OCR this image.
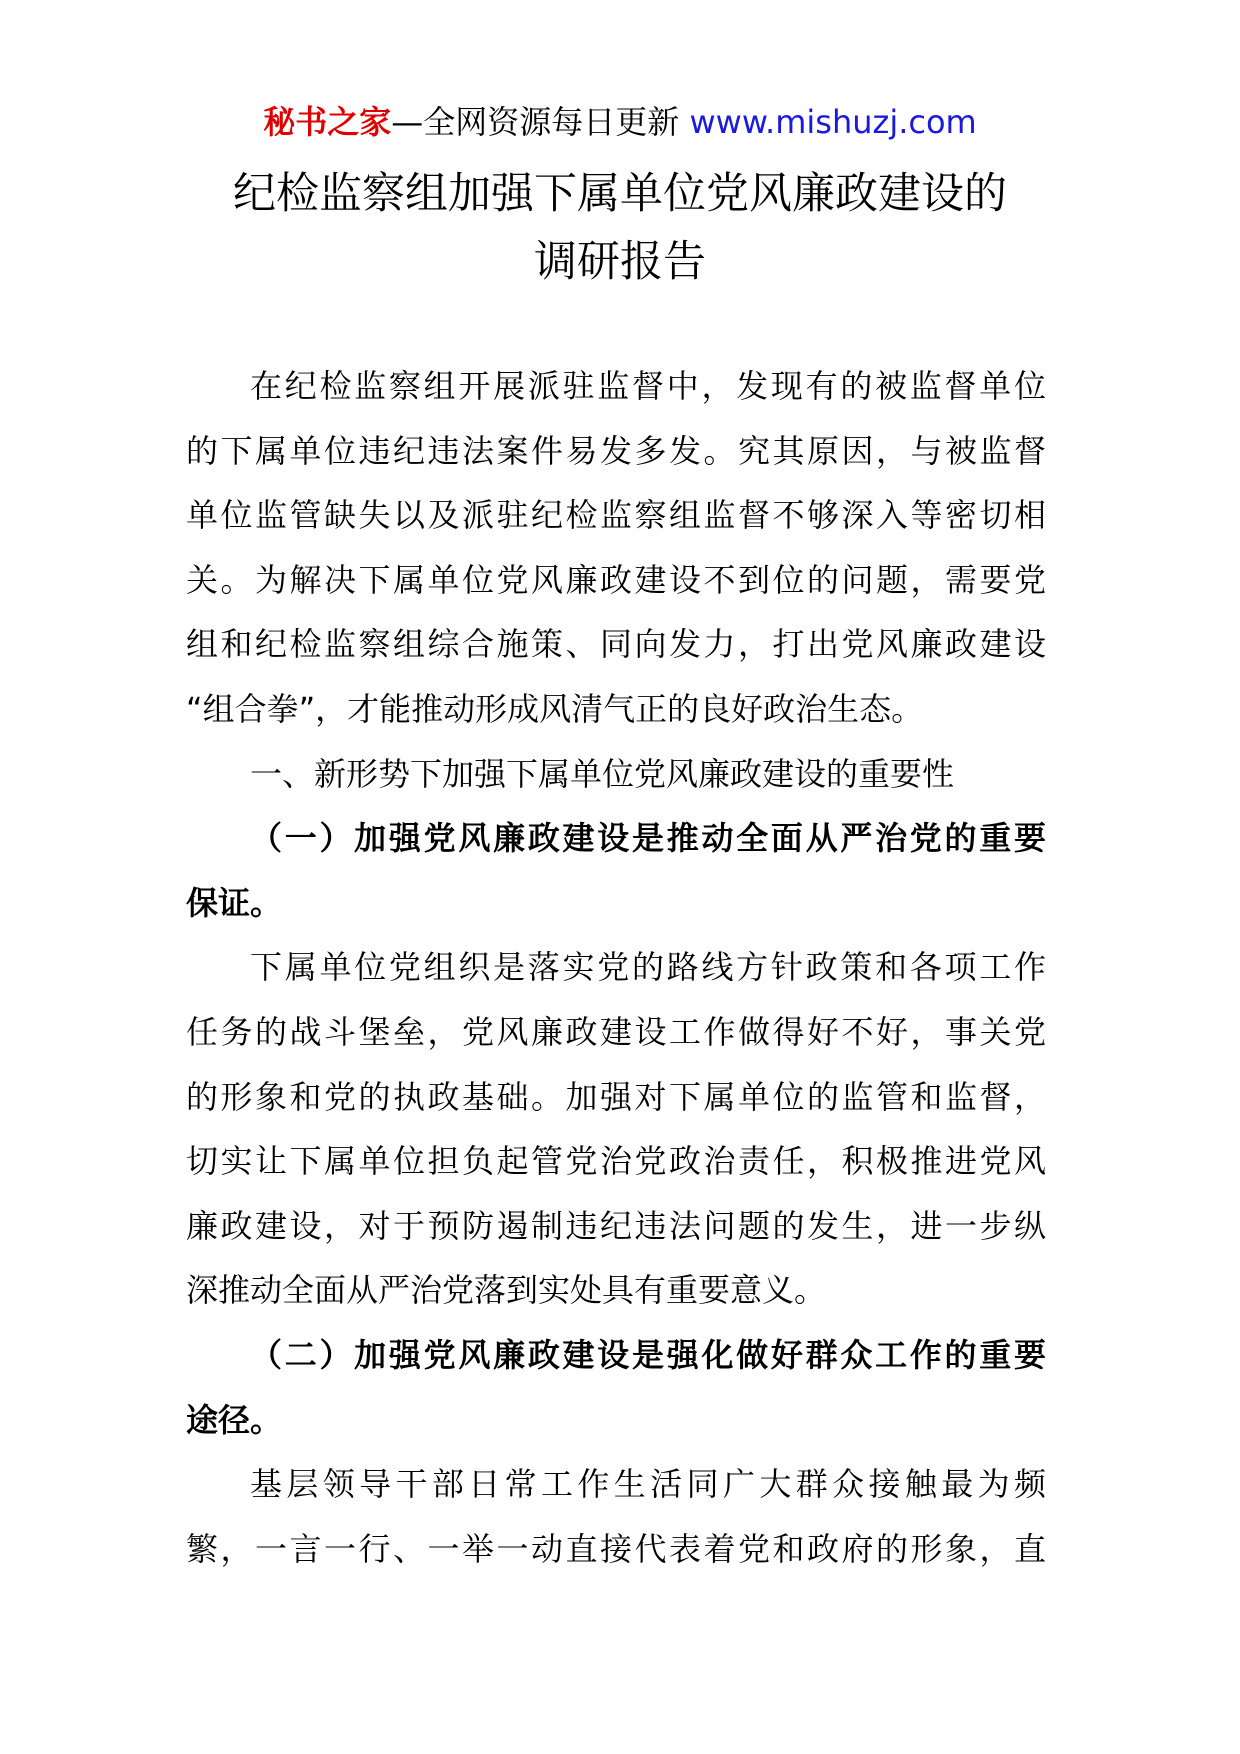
秘书之家—全网资源每日更新 www.mishuzj.com
纪检监察组加强下属单位党风廉政建设的
调研报告
在纪检监察组开展派驻监督中，发现有的被监督单位
的下属单位违纪违法案件易发多发。究其原因，与被监督
单位监管缺失以及派驻纪检监察组监督不够深入等密切相
关。为解决下属单位党风廉政建设不到位的问题，需要党
组和纪检监察组综合施策、同向发力，打出党风廉政建设
“组合拳”，才能推动形成风清气正的良好政治生态。
一、新形势下加强下属单位党风廉政建设的重要性
（一）加强党风廉政建设是推动全面从严治党的重要
保证。
下属单位党组织是落实党的路线方针政策和各项工作
任务的战斗堡垒，党风廉政建设工作做得好不好，事关党
的形象和党的执政基础。加强对下属单位的监管和监督，
切实让下属单位担负起管党治党政治责任，积极推进党风
廉政建设，对于预防遏制违纪违法问题的发生，进一步纵
深推动全面从严治党落到实处具有重要意义。
（二）加强党风廉政建设是强化做好群众工作的重要
途径。
基层领导干部日常工作生活同广大群众接触最为频
繁，一言一行、一举一动直接代表着党和政府的形象，直
